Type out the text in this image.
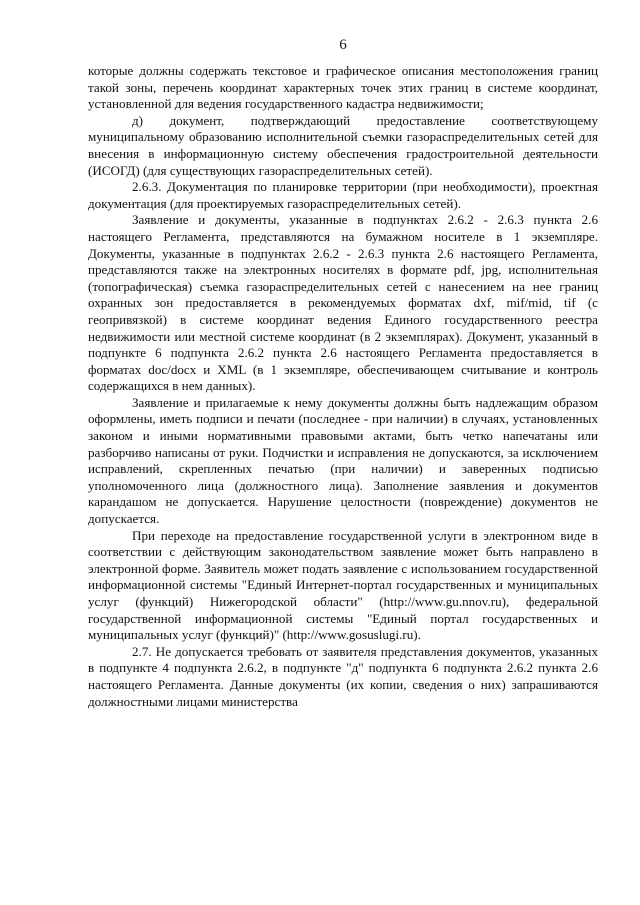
6

которые должны содержать текстовое и графическое описания местоположения границ такой зоны, перечень координат характерных точек этих границ в системе координат, установленной для ведения государственного кадастра недвижимости;

д) документ, подтверждающий предоставление соответствующему муниципальному образованию исполнительной съемки газораспределительных сетей для внесения в информационную систему обеспечения градостроительной деятельности (ИСОГД) (для существующих газораспределительных сетей).

2.6.3. Документация по планировке территории (при необходимости), проектная документация (для проектируемых газораспределительных сетей).

Заявление и документы, указанные в подпунктах 2.6.2 - 2.6.3 пункта 2.6 настоящего Регламента, представляются на бумажном носителе в 1 экземпляре. Документы, указанные в подпунктах 2.6.2 - 2.6.3 пункта 2.6 настоящего Регламента, представляются также на электронных носителях в формате pdf, jpg, исполнительная (топографическая) съемка газораспределительных сетей с нанесением на нее границ охранных зон предоставляется в рекомендуемых форматах dxf, mif/mid, tif (с геопривязкой) в системе координат ведения Единого государственного реестра недвижимости или местной системе координат (в 2 экземплярах). Документ, указанный в подпункте 6 подпункта 2.6.2 пункта 2.6 настоящего Регламента предоставляется в форматах doc/docx и XML (в 1 экземпляре, обеспечивающем считывание и контроль содержащихся в нем данных).

Заявление и прилагаемые к нему документы должны быть надлежащим образом оформлены, иметь подписи и печати (последнее - при наличии) в случаях, установленных законом и иными нормативными правовыми актами, быть четко напечатаны или разборчиво написаны от руки. Подчистки и исправления не допускаются, за исключением исправлений, скрепленных печатью (при наличии) и заверенных подписью уполномоченного лица (должностного лица). Заполнение заявления и документов карандашом не допускается. Нарушение целостности (повреждение) документов не допускается.

При переходе на предоставление государственной услуги в электронном виде в соответствии с действующим законодательством заявление может быть направлено в электронной форме. Заявитель может подать заявление с использованием государственной информационной системы "Единый Интернет-портал государственных и муниципальных услуг (функций) Нижегородской области" (http://www.gu.nnov.ru), федеральной государственной информационной системы "Единый портал государственных и муниципальных услуг (функций)" (http://www.gosuslugi.ru).

2.7. Не допускается требовать от заявителя представления документов, указанных в подпункте 4 подпункта 2.6.2, в подпункте "д" подпункта 6 подпункта 2.6.2 пункта 2.6 настоящего Регламента. Данные документы (их копии, сведения о них) запрашиваются должностными лицами министерства
